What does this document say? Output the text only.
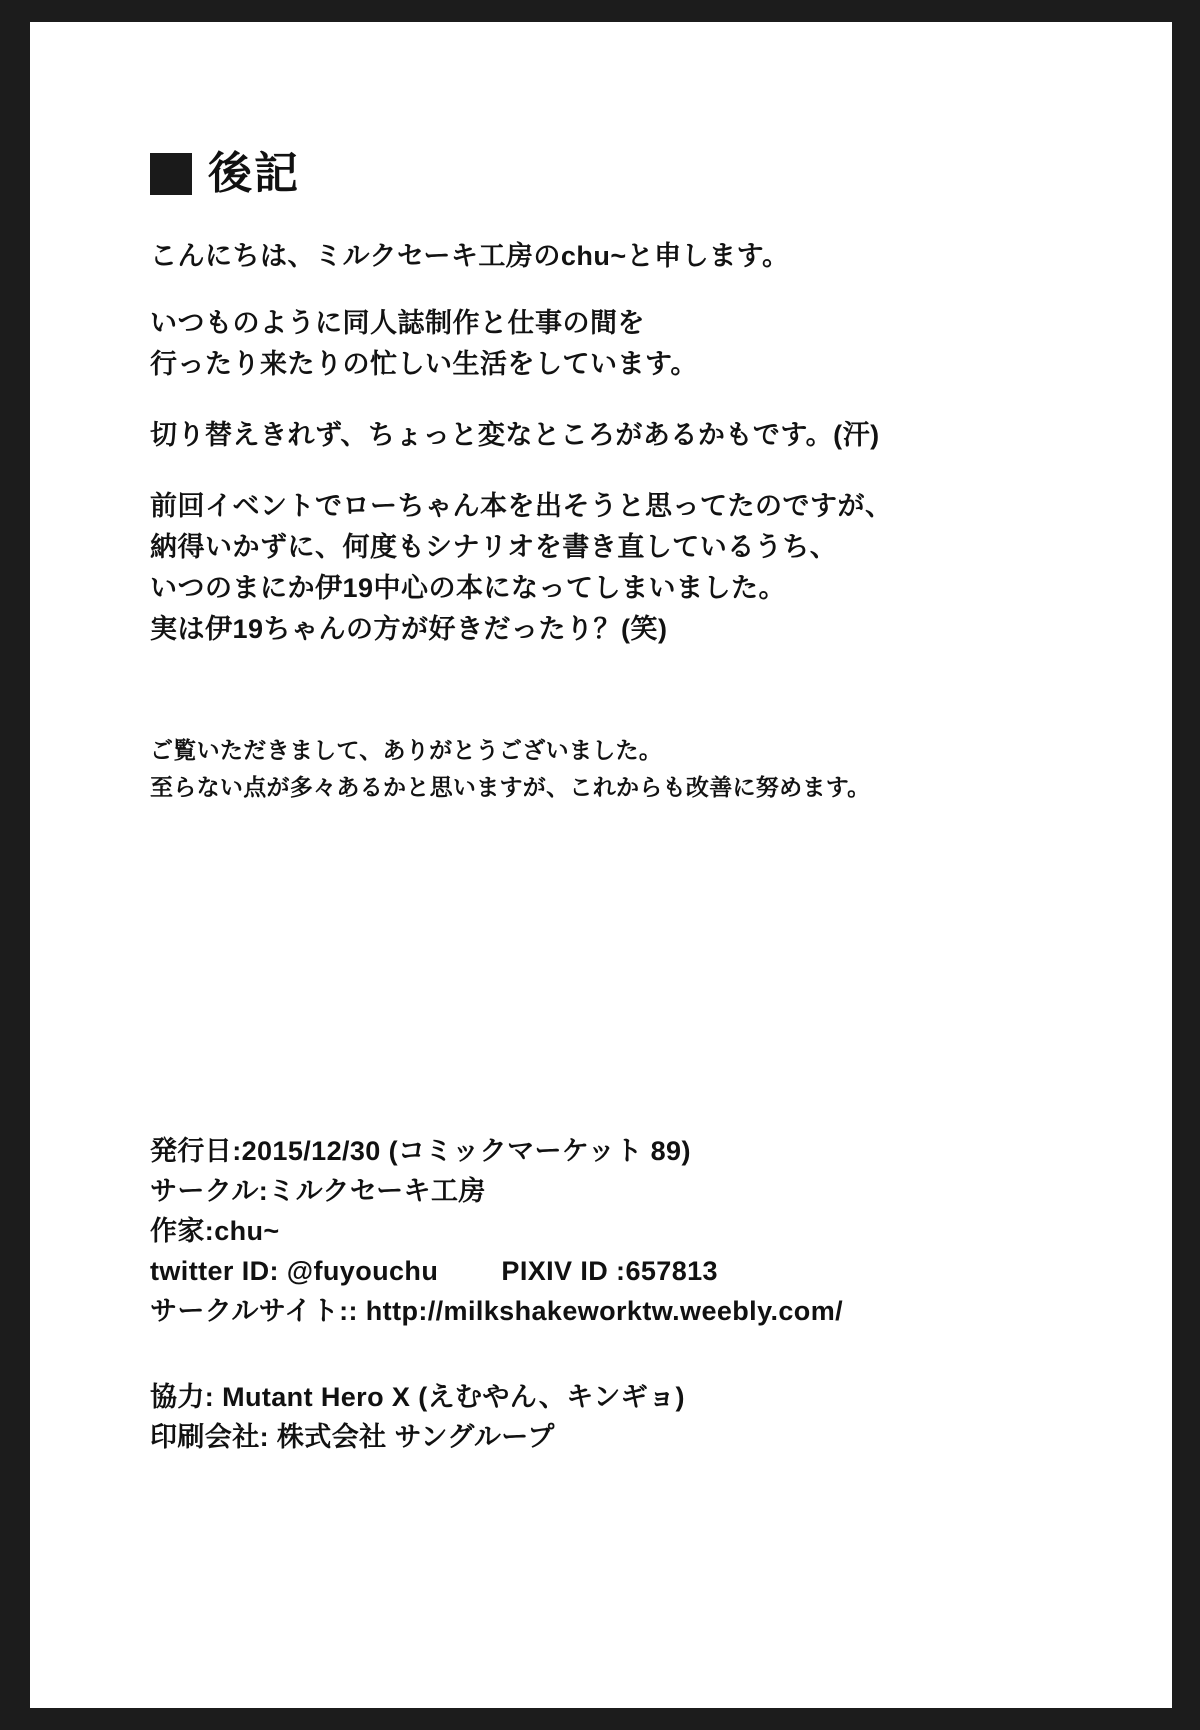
後記

こんにちは、ミルクセーキ工房のchu~と申します。

いつものように同人誌制作と仕事の間を
行ったり来たりの忙しい生活をしています。

切り替えきれず、ちょっと変なところがあるかもです。(汗)

前回イベントでローちゃん本を出そうと思ってたのですが、
納得いかずに、何度もシナリオを書き直しているうち、
いつのまにか伊19中心の本になってしまいました。
実は伊19ちゃんの方が好きだったり？(笑)

ご覧いただきまして、ありがとうございました。
至らない点が多々あるかと思いますが、これからも改善に努めます。

発行日:2015/12/30 (コミックマーケット 89)
サークル:ミルクセーキ工房
作家:chu~
twitter ID: @fuyouchu        PIXIV ID :657813
サークルサイト:: http://milkshakeworktw.weebly.com/
協力: Mutant Hero X (えむやん、キンギョ)
印刷会社: 株式会社 サングループ
